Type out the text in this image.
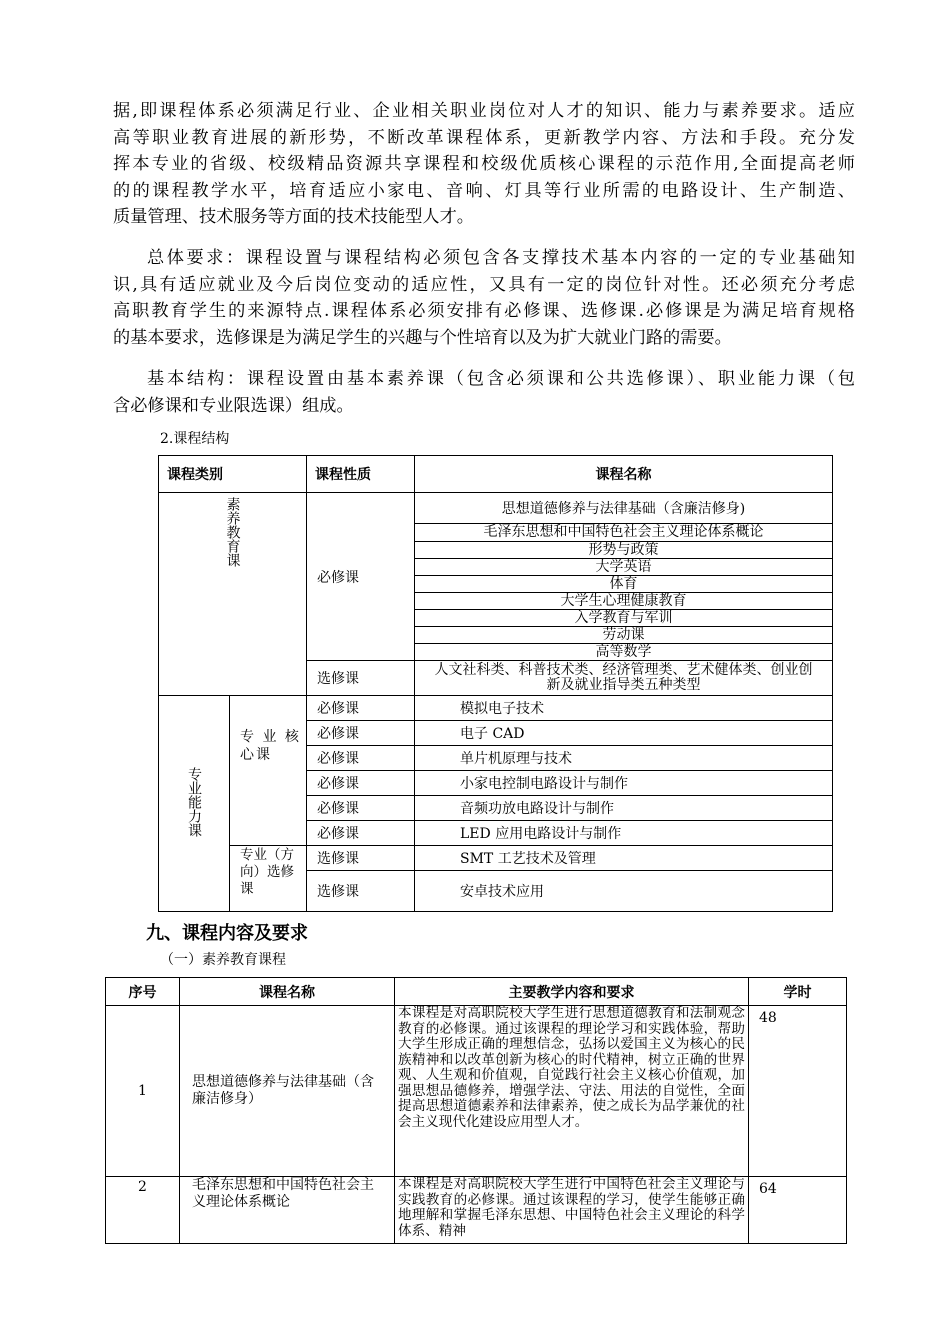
据,即课程体系必须满足行业、企业相关职业岗位对人才的知识、能力与素养要求。适应
高等职业教育进展的新形势，不断改革课程体系，更新教学内容、方法和手段。充分发
挥本专业的省级、校级精品资源共享课程和校级优质核心课程的示范作用,全面提高老师
的的课程教学水平，培育适应小家电、音响、灯具等行业所需的电路设计、生产制造、
质量管理、技术服务等方面的技术技能型人才。
总体要求：课程设置与课程结构必须包含各支撑技术基本内容的一定的专业基础知
识,具有适应就业及今后岗位变动的适应性，又具有一定的岗位针对性。还必须充分考虑
高职教育学生的来源特点.课程体系必须安排有必修课、选修课.必修课是为满足培育规格
的基本要求，选修课是为满足学生的兴趣与个性培育以及为扩大就业门路的需要。
基本结构：课程设置由基本素养课（包含必须课和公共选修课）、职业能力课（包
含必修课和专业限选课）组成。
2.课程结构
课程类别		课程性质	课程名称
素养教育课		必修课	思想道德修养与法律基础（含廉洁修身)
			毛泽东思想和中国特色社会主义理论体系概论
			形势与政策
			大学英语
			体育
			大学生心理健康教育
			入学教育与军训
			劳动课
			高等数学
		选修课	人文社科类、科普技术类、经济管理类、艺术健体类、创业创新及就业指导类五种类型
专业能力课	专 业 核 心课	必修课	模拟电子技术
		必修课	电子 CAD
		必修课	单片机原理与技术
		必修课	小家电控制电路设计与制作
		必修课	音频功放电路设计与制作
		必修课	LED 应用电路设计与制作
	专业（方向）选修课	选修课	SMT 工艺技术及管理
		选修课	安卓技术应用
九、课程内容及要求
（一）素养教育课程
序号	课程名称	主要教学内容和要求	学时
1	思想道德修养与法律基础（含廉洁修身）	本课程是对高职院校大学生进行思想道德教育和法制观念教育的必修课。通过该课程的理论学习和实践体验，帮助大学生形成正确的理想信念，弘扬以爱国主义为核心的民族精神和以改革创新为核心的时代精神，树立正确的世界观、人生观和价值观，自觉践行社会主义核心价值观，加强思想品德修养，增强学法、守法、用法的自觉性，全面提高思想道德素养和法律素养，使之成长为品学兼优的社会主义现代化建设应用型人才。	48
2	毛泽东思想和中国特色社会主义理论体系概论	本课程是对高职院校大学生进行中国特色社会主义理论与实践教育的必修课。通过该课程的学习，使学生能够正确地理解和掌握毛泽东思想、中国特色社会主义理论的科学体系、精神	64
